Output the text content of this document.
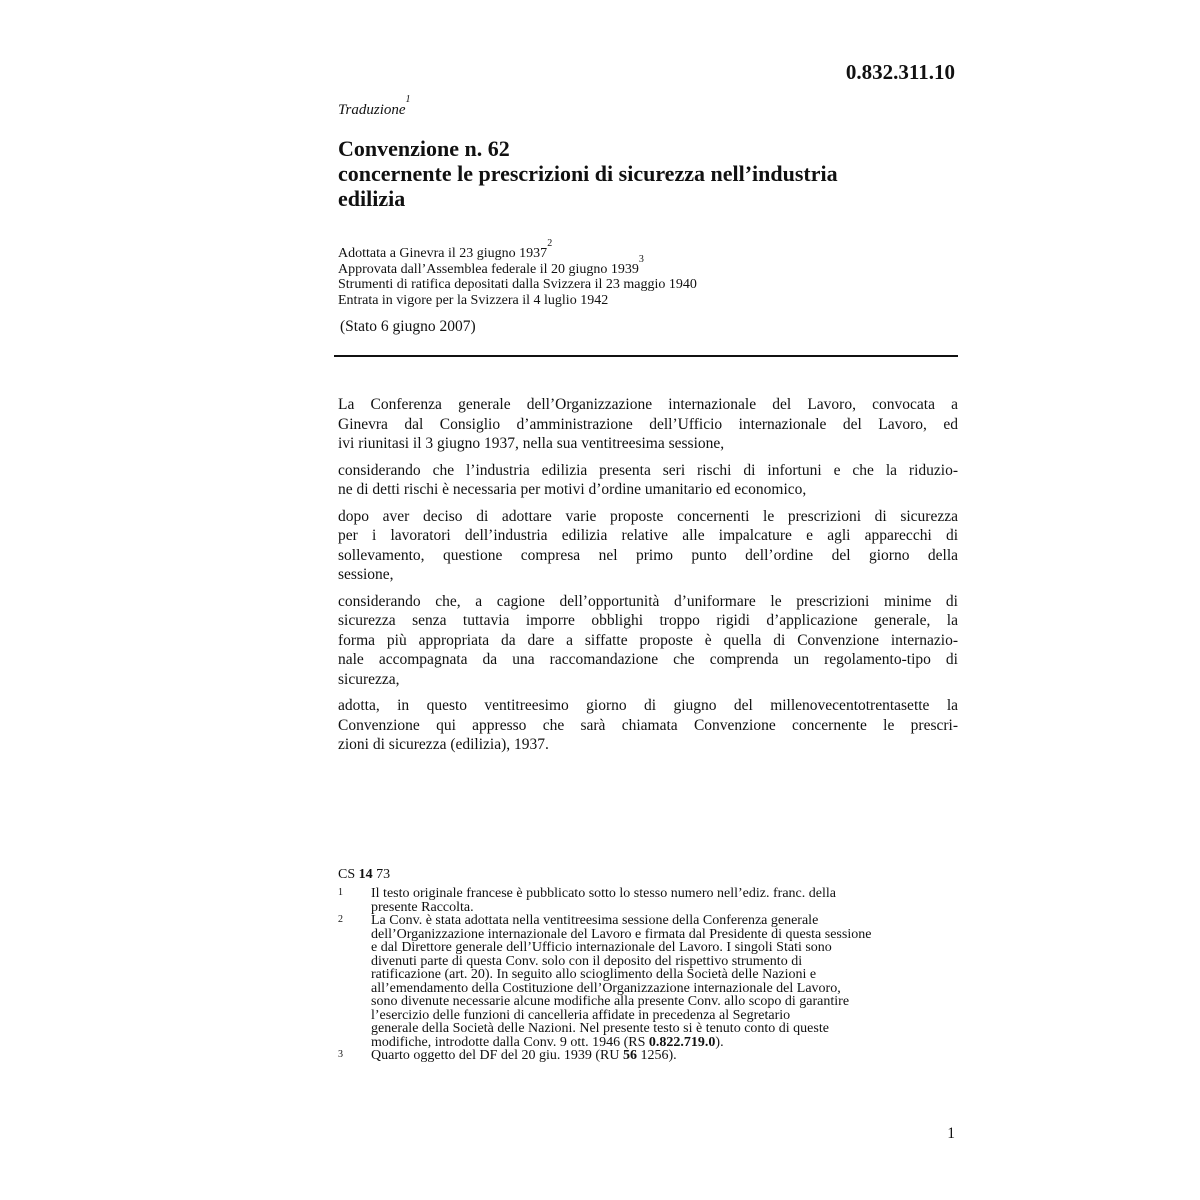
0.832.311.10
Traduzione$^1$
Convenzione n. 62
concernente le prescrizioni di sicurezza nell’industria
edilizia
Adottata a Ginevra il 23 giugno 1937$^2$
Approvata dall’Assemblea federale il 20 giugno 1939$^3$
Strumenti di ratifica depositati dalla Svizzera il 23 maggio 1940
Entrata in vigore per la Svizzera il 4 luglio 1942
(Stato 6 giugno 2007)

La Conferenza generale dell’Organizzazione internazionale del Lavoro, convocata a
Ginevra dal Consiglio d’amministrazione dell’Ufficio internazionale del Lavoro, ed
ivi riunitasi il 3 giugno 1937, nella sua ventitreesima sessione,

considerando che l’industria edilizia presenta seri rischi di infortuni e che la riduzio-
ne di detti rischi è necessaria per motivi d’ordine umanitario ed economico,

dopo aver deciso di adottare varie proposte concernenti le prescrizioni di sicurezza
per i lavoratori dell’industria edilizia relative alle impalcature e agli apparecchi di
sollevamento, questione compresa nel primo punto dell’ordine del giorno della
sessione,

considerando che, a cagione dell’opportunità d’uniformare le prescrizioni minime di
sicurezza senza tuttavia imporre obblighi troppo rigidi d’applicazione generale, la
forma più appropriata da dare a siffatte proposte è quella di Convenzione internazio-
nale accompagnata da una raccomandazione che comprenda un regolamento-tipo di
sicurezza,

adotta, in questo ventitreesimo giorno di giugno del millenovecentotrentasette la
Convenzione qui appresso che sarà chiamata Convenzione concernente le prescri-
zioni di sicurezza (edilizia), 1937.

CS 14 73
1 Il testo originale francese è pubblicato sotto lo stesso numero nell’ediz. franc. della
presente Raccolta.
2 La Conv. è stata adottata nella ventitreesima sessione della Conferenza generale
dell’Organizzazione internazionale del Lavoro e firmata dal Presidente di questa sessione
e dal Direttore generale dell’Ufficio internazionale del Lavoro. I singoli Stati sono
divenuti parte di questa Conv. solo con il deposito del rispettivo strumento di
ratificazione (art. 20). In seguito allo scioglimento della Società delle Nazioni e
all’emendamento della Costituzione dell’Organizzazione internazionale del Lavoro,
sono divenute necessarie alcune modifiche alla presente Conv. allo scopo di garantire
l’esercizio delle funzioni di cancelleria affidate in precedenza al Segretario
generale della Società delle Nazioni. Nel presente testo si è tenuto conto di queste
modifiche, introdotte dalla Conv. 9 ott. 1946 (RS 0.822.719.0).
3 Quarto oggetto del DF del 20 giu. 1939 (RU 56 1256).
1
